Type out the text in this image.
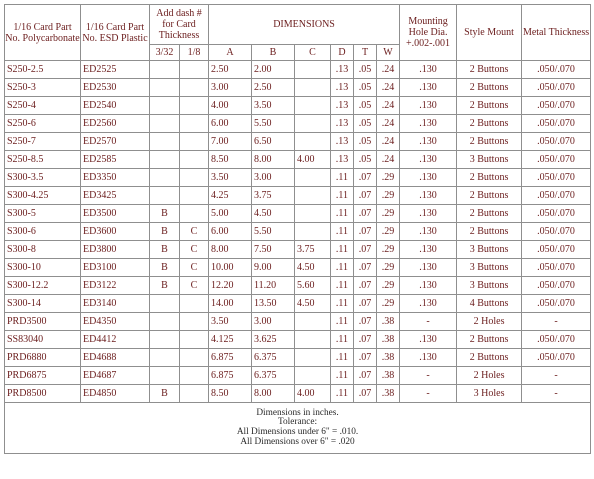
1/16 Card Part No. Polycarbonate	1/16 Card Part No. ESD Plastic	Add dash # for Card Thickness		DIMENSIONS						Mounting Hole Dia. +.002-.001	Style Mount	Metal Thickness
		3/32	1/8	A	B	C	D	T	W			
S250-2.5	ED2525			2.50	2.00		.13	.05	.24	.130	2 Buttons	.050/.070
S250-3	ED2530			3.00	2.50		.13	.05	.24	.130	2 Buttons	.050/.070
S250-4	ED2540			4.00	3.50		.13	.05	.24	.130	2 Buttons	.050/.070
S250-6	ED2560			6.00	5.50		.13	.05	.24	.130	2 Buttons	.050/.070
S250-7	ED2570			7.00	6.50		.13	.05	.24	.130	2 Buttons	.050/.070
S250-8.5	ED2585			8.50	8.00	4.00	.13	.05	.24	.130	3 Buttons	.050/.070
S300-3.5	ED3350			3.50	3.00		.11	.07	.29	.130	2 Buttons	.050/.070
S300-4.25	ED3425			4.25	3.75		.11	.07	.29	.130	2 Buttons	.050/.070
S300-5	ED3500	B		5.00	4.50		.11	.07	.29	.130	2 Buttons	.050/.070
S300-6	ED3600	B	C	6.00	5.50		.11	.07	.29	.130	2 Buttons	.050/.070
S300-8	ED3800	B	C	8.00	7.50	3.75	.11	.07	.29	.130	3 Buttons	.050/.070
S300-10	ED3100	B	C	10.00	9.00	4.50	.11	.07	.29	.130	3 Buttons	.050/.070
S300-12.2	ED3122	B	C	12.20	11.20	5.60	.11	.07	.29	.130	3 Buttons	.050/.070
S300-14	ED3140			14.00	13.50	4.50	.11	.07	.29	.130	4 Buttons	.050/.070
PRD3500	ED4350			3.50	3.00		.11	.07	.38	-	2 Holes	-
SS83040	ED4412			4.125	3.625		.11	.07	.38	.130	2 Buttons	.050/.070
PRD6880	ED4688			6.875	6.375		.11	.07	.38	.130	2 Buttons	.050/.070
PRD6875	ED4687			6.875	6.375		.11	.07	.38	-	2 Holes	-
PRD8500	ED4850	B		8.50	8.00	4.00	.11	.07	.38	-	3 Holes	-

Dimensions in inches.
Tolerance:
All Dimensions under 6" = .010.
All Dimensions over 6" = .020												
